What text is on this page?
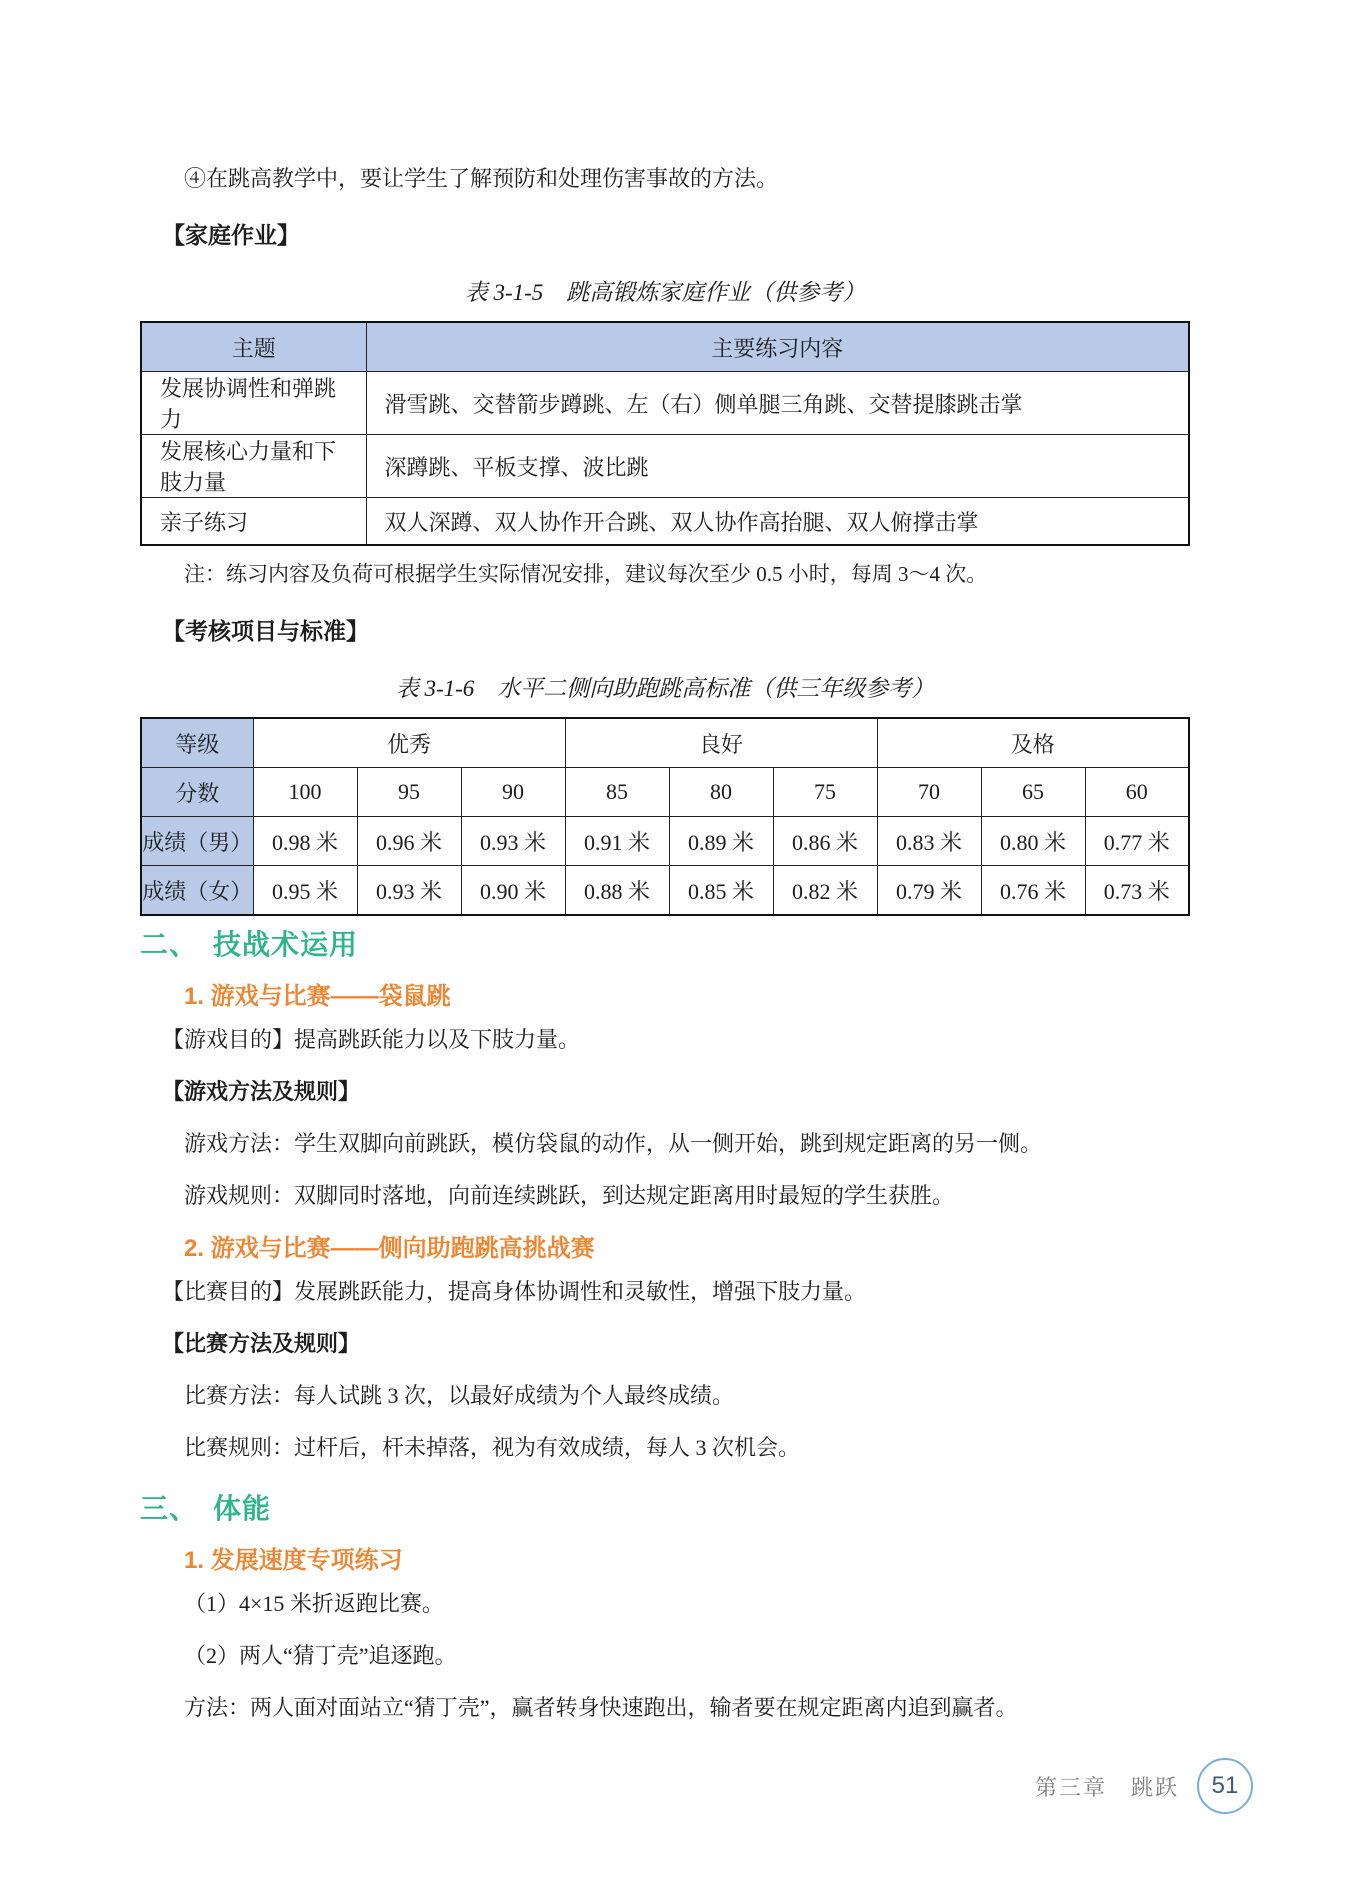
④在跳高教学中，要让学生了解预防和处理伤害事故的方法。

【家庭作业】

表 3-1-5　跳高锻炼家庭作业（供参考）

主题	主要练习内容
发展协调性和弹跳力	滑雪跳、交替箭步蹲跳、左（右）侧单腿三角跳、交替提膝跳击掌
发展核心力量和下肢力量	深蹲跳、平板支撑、波比跳
亲子练习	双人深蹲、双人协作开合跳、双人协作高抬腿、双人俯撑击掌

注：练习内容及负荷可根据学生实际情况安排，建议每次至少 0.5 小时，每周 3～4 次。

【考核项目与标准】

表 3-1-6　水平二侧向助跑跳高标准（供三年级参考）

等级	优秀			良好			及格		
分数	100	95	90	85	80	75	70	65	60
成绩（男）	0.98 米	0.96 米	0.93 米	0.91 米	0.89 米	0.86 米	0.83 米	0.80 米	0.77 米
成绩（女）	0.95 米	0.93 米	0.90 米	0.88 米	0.85 米	0.82 米	0.79 米	0.76 米	0.73 米
二、　技战术运用
1. 游戏与比赛——袋鼠跳

【游戏目的】提高跳跃能力以及下肢力量。

【游戏方法及规则】

游戏方法：学生双脚向前跳跃，模仿袋鼠的动作，从一侧开始，跳到规定距离的另一侧。

游戏规则：双脚同时落地，向前连续跳跃，到达规定距离用时最短的学生获胜。

2. 游戏与比赛——侧向助跑跳高挑战赛

【比赛目的】发展跳跃能力，提高身体协调性和灵敏性，增强下肢力量。

【比赛方法及规则】

比赛方法：每人试跳 3 次，以最好成绩为个人最终成绩。

比赛规则：过杆后，杆未掉落，视为有效成绩，每人 3 次机会。

三、　体能
1. 发展速度专项练习

（1）4×15 米折返跑比赛。

（2）两人“猜丁壳”追逐跑。

方法：两人面对面站立“猜丁壳”，赢者转身快速跑出，输者要在规定距离内追到赢者。

第三章　跳跃 51
